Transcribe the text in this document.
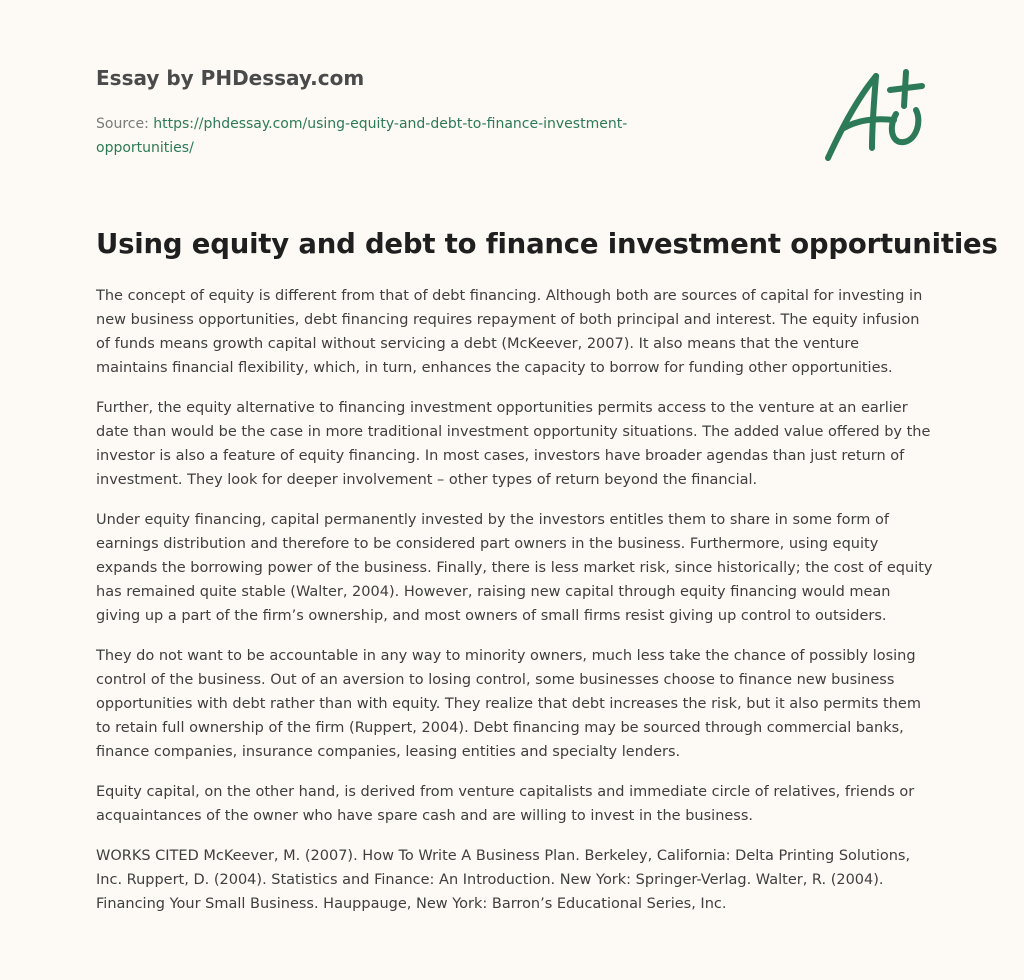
Essay by PHDessay.com
Source: https://phdessay.com/using-equity-and-debt-to-finance-investment-opportunities/
Using equity and debt to finance investment opportunities

The concept of equity is different from that of debt financing. Although both are sources of capital for investing in new business opportunities, debt financing requires repayment of both principal and interest. The equity infusion of funds means growth capital without servicing a debt (McKeever, 2007). It also means that the venture maintains financial flexibility, which, in turn, enhances the capacity to borrow for funding other opportunities.

Further, the equity alternative to financing investment opportunities permits access to the venture at an earlier date than would be the case in more traditional investment opportunity situations. The added value offered by the investor is also a feature of equity financing. In most cases, investors have broader agendas than just return of investment. They look for deeper involvement – other types of return beyond the financial.

Under equity financing, capital permanently invested by the investors entitles them to share in some form of earnings distribution and therefore to be considered part owners in the business. Furthermore, using equity expands the borrowing power of the business. Finally, there is less market risk, since historically; the cost of equity has remained quite stable (Walter, 2004). However, raising new capital through equity financing would mean giving up a part of the firm’s ownership, and most owners of small firms resist giving up control to outsiders.

They do not want to be accountable in any way to minority owners, much less take the chance of possibly losing control of the business. Out of an aversion to losing control, some businesses choose to finance new business opportunities with debt rather than with equity. They realize that debt increases the risk, but it also permits them to retain full ownership of the firm (Ruppert, 2004). Debt financing may be sourced through commercial banks, finance companies, insurance companies, leasing entities and specialty lenders.

Equity capital, on the other hand, is derived from venture capitalists and immediate circle of relatives, friends or acquaintances of the owner who have spare cash and are willing to invest in the business.

WORKS CITED McKeever, M. (2007). How To Write A Business Plan. Berkeley, California: Delta Printing Solutions, Inc. Ruppert, D. (2004). Statistics and Finance: An Introduction. New York: Springer-Verlag. Walter, R. (2004). Financing Your Small Business. Hauppauge, New York: Barron’s Educational Series, Inc.
